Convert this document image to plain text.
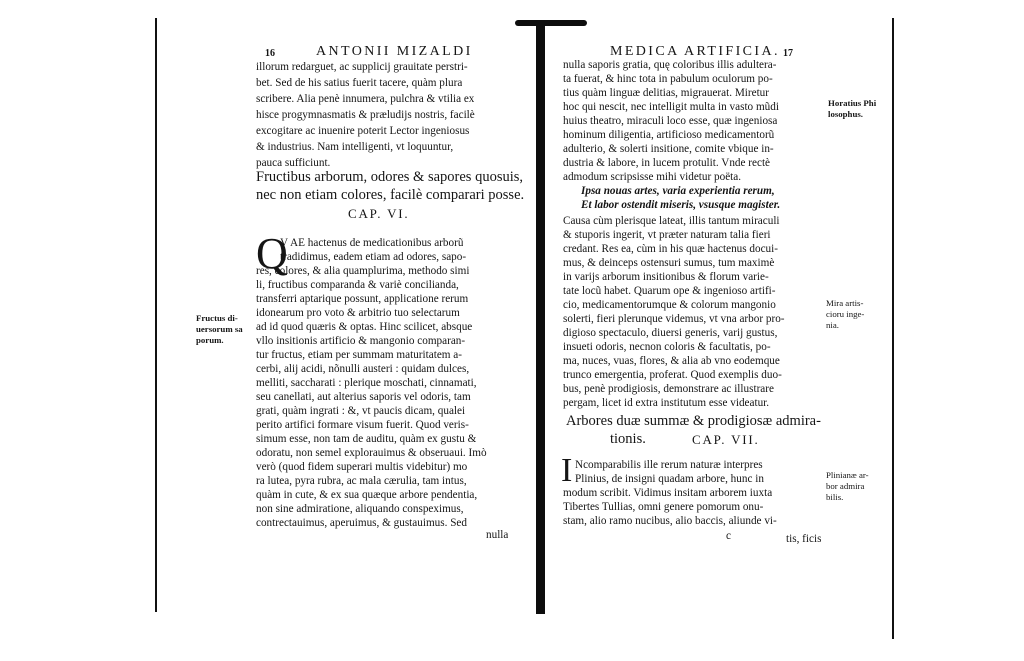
16	ANTONII MIZALDI
illorum redarguet, ac supplicij grauitate perstri-
bet. Sed de his satius fuerit tacere, quàm plura
scribere. Alia penè innumera, pulchra & vtilia ex
hisce progymnasmatis & præludijs nostris, facilè
excogitare ac inuenire poterit Lector ingeniosus
& industrius. Nam intelligenti, vt loquuntur,
pauca sufficiunt.
Fructibus arborum, odores & sapores quosuis,
nec non etiam colores, facilè comparari posse.
CAP. VI.
Q
V AE hactenus de medicationibus arborũ
tradidimus, eadem etiam ad odores, sapo-
res, colores, & alia quamplurima, methodo simi
li, fructibus comparanda & variè concilianda,
transferri aptarique possunt, applicatione rerum
idonearum pro voto & arbitrio tuo selectarum
ad id quod quæris & optas. Hinc scilicet, absque
vllo insitionis artificio & mangonio comparan-
tur fructus, etiam per summam maturitatem a-
cerbi, alij acidi, nõnulli austeri : quidam dulces,
melliti, saccharati : plerique moschati, cinnamati,
seu canellati, aut alterius saporis vel odoris, tam
grati, quàm ingrati : &, vt paucis dicam, qualei
perito artifici formare visum fuerit. Quod veris-
simum esse, non tam de auditu, quàm ex gustu &
odoratu, non semel explorauimus & obseruaui. Imò
verò (quod fidem superari multis videbitur) mo
ra lutea, pyra rubra, ac mala cærulia, tam intus,
quàm in cute, & ex sua quæque arbore pendentia,
non sine admiratione, aliquando conspeximus,
contrectauimus, aperuimus, & gustauimus. Sed
nulla
Fructus di-
uersorum sa
porum.
MEDICA ARTIFICIA. 17
nulla saporis gratia, quę coloribus illis adultera-
ta fuerat, & hinc tota in pabulum oculorum po-
tius quàm linguæ delitias, migrauerat. Miretur
hoc qui nescit, nec intelligit multa in vasto mũdi
huius theatro, miraculi loco esse, quæ ingeniosa
hominum diligentia, artificioso medicamentorũ
adulterio, & solerti insitione, comite vbique in-
dustria & labore, in lucem protulit. Vnde rectè
admodum scripsisse mihi videtur poëta.
Ipsa nouas artes, varia experientia rerum,
Et labor ostendit miseris, vsusque magister.
Causa cùm plerisque lateat, illis tantum miraculi
& stuporis ingerit, vt præter naturam talia fieri
credant. Res ea, cùm in his quæ hactenus docui-
mus, & deinceps ostensuri sumus, tum maximè
in varijs arborum insitionibus & florum varie-
tate locũ habet. Quarum ope & ingenioso artifi-
cio, medicamentorumque & colorum mangonio
solerti, fieri plerunque videmus, vt vna arbor pro-
digioso spectaculo, diuersi generis, varij gustus,
insueti odoris, necnon coloris & facultatis, po-
ma, nuces, vuas, flores, & alia ab vno eodemque
trunco emergentia, proferat. Quod exemplis duo-
bus, penè prodigiosis, demonstrare ac illustrare
pergam, licet id extra institutum esse videatur.
Arbores duæ summæ & prodigiosæ admira-
tionis.	CAP. VII.
I Ncomparabilis ille rerum naturæ interpres
Plinius, de insigni quadam arbore, hunc in
modum scribit. Vidimus insitam arborem iuxta
Tibertes Tullias, omni genere pomorum onu-
stam, alio ramo nucibus, alio baccis, aliunde vi-
c	tis, ficis
Horatius Phi
losophus.
Mira artis-
cioru inge-
nia.
Plinianæ ar-
bor admira
bilis.
